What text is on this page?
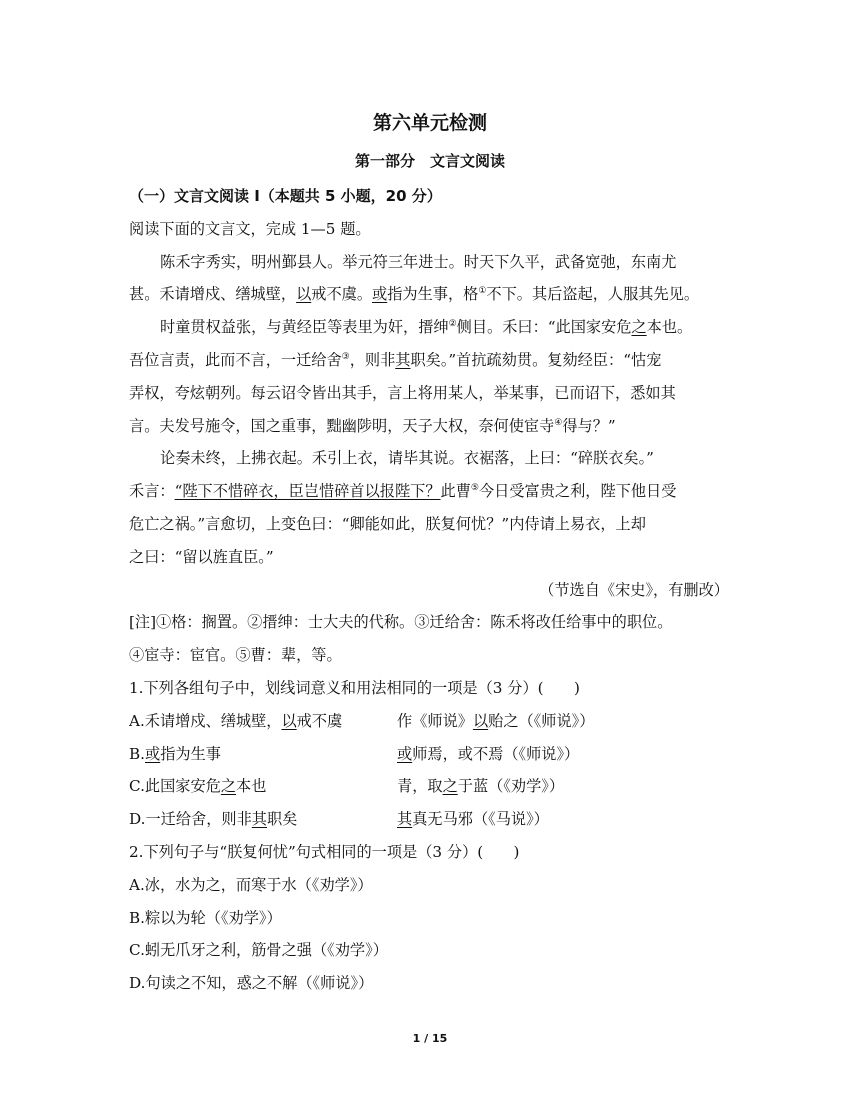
第六单元检测
第一部分　文言文阅读
（一）文言文阅读 I（本题共 5 小题，20 分）
阅读下面的文言文，完成 1—5 题。
陈禾字秀实，明州鄞县人。举元符三年进士。时天下久平，武备宽弛，东南尤
甚。禾请增戍、缮城壁，以戒不虞。或指为生事，格①不下。其后盗起，人服其先见。
时童贯权益张，与黄经臣等表里为奸，搢绅②侧目。禾曰：“此国家安危之本也。
吾位言责，此而不言，一迁给舍③，则非其职矣。”首抗疏劾贯。复劾经臣：“怙宠
弄权，夸炫朝列。每云诏令皆出其手，言上将用某人，举某事，已而诏下，悉如其
言。夫发号施令，国之重事，黜幽陟明，天子大权，奈何使宦寺④得与？”
论奏未终，上拂衣起。禾引上衣，请毕其说。衣裾落，上曰：“碎朕衣矣。”
禾言：“陛下不惜碎衣，臣岂惜碎首以报陛下？此曹⑤今日受富贵之利，陛下他日受
危亡之祸。”言愈切，上变色曰：“卿能如此，朕复何忧？”内侍请上易衣，上却
之曰：“留以旌直臣。”
（节选自《宋史》，有删改）
[注]①格：搁置。②搢绅：士大夫的代称。③迁给舍：陈禾将改任给事中的职位。
④宦寺：宦官。⑤曹：辈，等。
1.下列各组句子中，划线词意义和用法相同的一项是（3 分）(　　)
A.禾请增戍、缮城壁，以戒不虞	作《师说》以贻之（《师说》）
B.或指为生事	或师焉，或不焉（《师说》）
C.此国家安危之本也	青，取之于蓝（《劝学》）
D.一迁给舍，则非其职矣	其真无马邪（《马说》）
2.下列句子与“朕复何忧”句式相同的一项是（3 分）(　　)
A.冰，水为之，而寒于水（《劝学》）
B.粽以为轮（《劝学》）
C.蚓无爪牙之利，筋骨之强（《劝学》）
D.句读之不知，惑之不解（《师说》）
1 / 15
